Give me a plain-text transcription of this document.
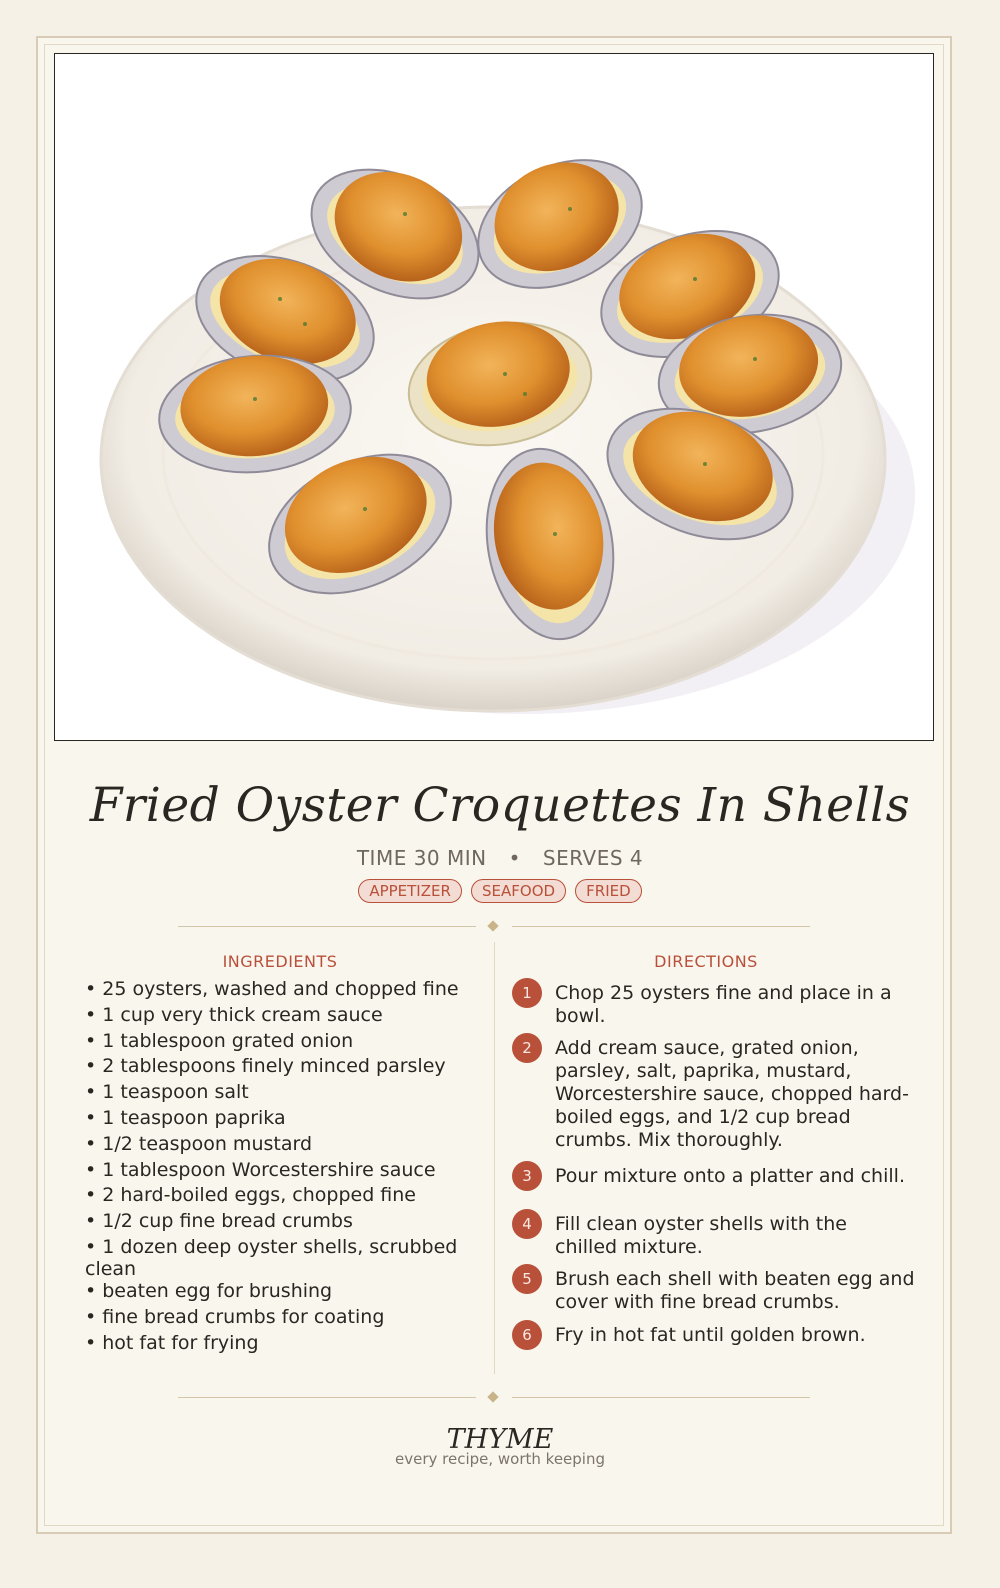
Fried Oyster Croquettes In Shells
TIME 30 MIN • SERVES 4
APPETIZER SEAFOOD FRIED
INGREDIENTS
• 25 oysters, washed and chopped fine
• 1 cup very thick cream sauce
• 1 tablespoon grated onion
• 2 tablespoons finely minced parsley
• 1 teaspoon salt
• 1 teaspoon paprika
• 1/2 teaspoon mustard
• 1 tablespoon Worcestershire sauce
• 2 hard-boiled eggs, chopped fine
• 1/2 cup fine bread crumbs
• 1 dozen deep oyster shells, scrubbed clean
• beaten egg for brushing
• fine bread crumbs for coating
• hot fat for frying
DIRECTIONS
1	Chop 25 oysters fine and place in a bowl.
2	Add cream sauce, grated onion, parsley, salt, paprika, mustard, Worcestershire sauce, chopped hard-boiled eggs, and 1/2 cup bread crumbs. Mix thoroughly.
3	Pour mixture onto a platter and chill.
4	Fill clean oyster shells with the chilled mixture.
5	Brush each shell with beaten egg and cover with fine bread crumbs.
6	Fry in hot fat until golden brown.
THYME
every recipe, worth keeping
